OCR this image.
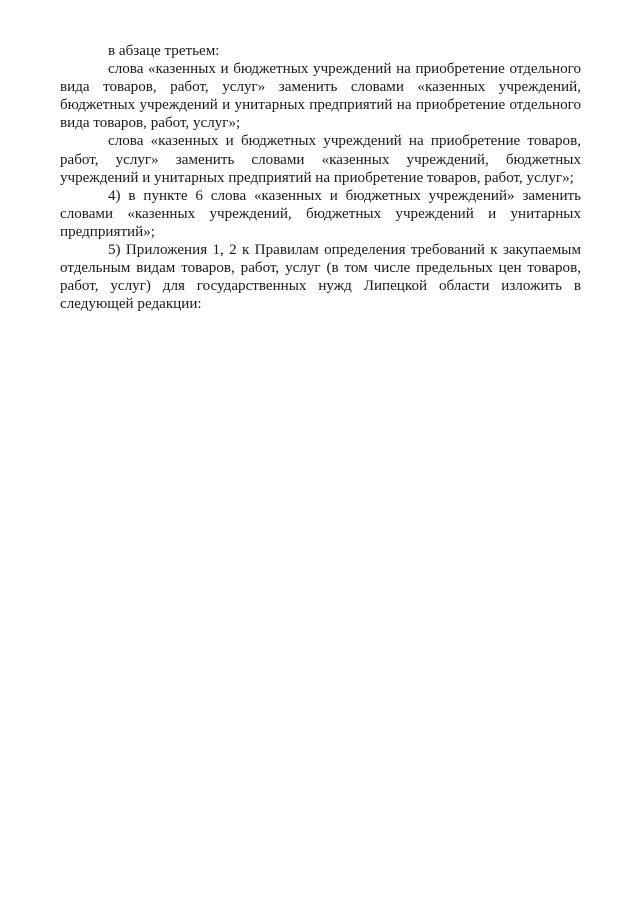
в абзаце третьем:

слова «казенных и бюджетных учреждений на приобретение отдельного вида товаров, работ, услуг» заменить словами «казенных учреждений, бюджетных учреждений и унитарных предприятий на приобретение отдельного вида товаров, работ, услуг»;

слова «казенных и бюджетных учреждений на приобретение товаров, работ, услуг» заменить словами «казенных учреждений, бюджетных учреждений и унитарных предприятий на приобретение товаров, работ, услуг»;

4) в пункте 6 слова «казенных и бюджетных учреждений» заменить словами «казенных учреждений, бюджетных учреждений и унитарных предприятий»;

5) Приложения 1, 2 к Правилам определения требований к закупаемым отдельным видам товаров, работ, услуг (в том числе предельных цен товаров, работ, услуг) для государственных нужд Липецкой области изложить в следующей редакции:
